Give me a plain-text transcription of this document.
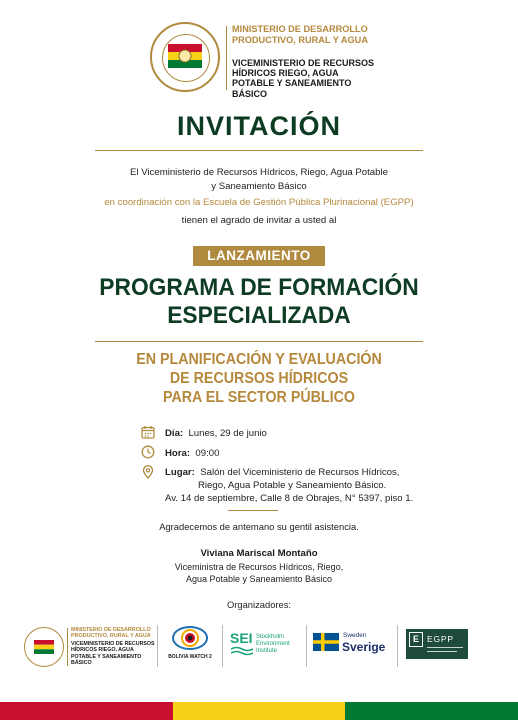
MINISTERIO DE DESARROLLO PRODUCTIVO, RURAL Y AGUA
VICEMINISTERIO DE RECURSOS HÍDRICOS RIEGO, AGUA POTABLE Y SANEAMIENTO BÁSICO
INVITACIÓN
El Viceministerio de Recursos Hídricos, Riego, Agua Potable
y Saneamiento Básico
en coordinación con la Escuela de Gestión Pública Plurinacional (EGPP)
tienen el agrado de invitar a usted al
LANZAMIENTO
PROGRAMA DE FORMACIÓN
ESPECIALIZADA
EN PLANIFICACIÓN Y EVALUACIÓN
DE RECURSOS HÍDRICOS
PARA EL SECTOR PÚBLICO
Día: Lunes, 29 de junio
Hora: 09:00
Lugar: Salón del Viceministerio de Recursos Hídricos,
Riego, Agua Potable y Saneamiento Básico.
Av. 14 de septiembre, Calle 8 de Obrajes, N° 5397, piso 1.
Agradecemos de antemano su gentil asistencia.
Viviana Mariscal Montaño
Viceministra de Recursos Hídricos, Riego,
Agua Potable y Saneamiento Básico
Organizadores:
MINISTERIO DE DESARROLLO PRODUCTIVO, RURAL Y AGUA
VICEMINISTERIO DE RECURSOS HÍDRICOS RIEGO, AGUA POTABLE Y SANEAMIENTO BÁSICO
BOLIVIA WATCH 2
SEI Stockholm Environment Institute
Sweden
Sverige
E EGPP
